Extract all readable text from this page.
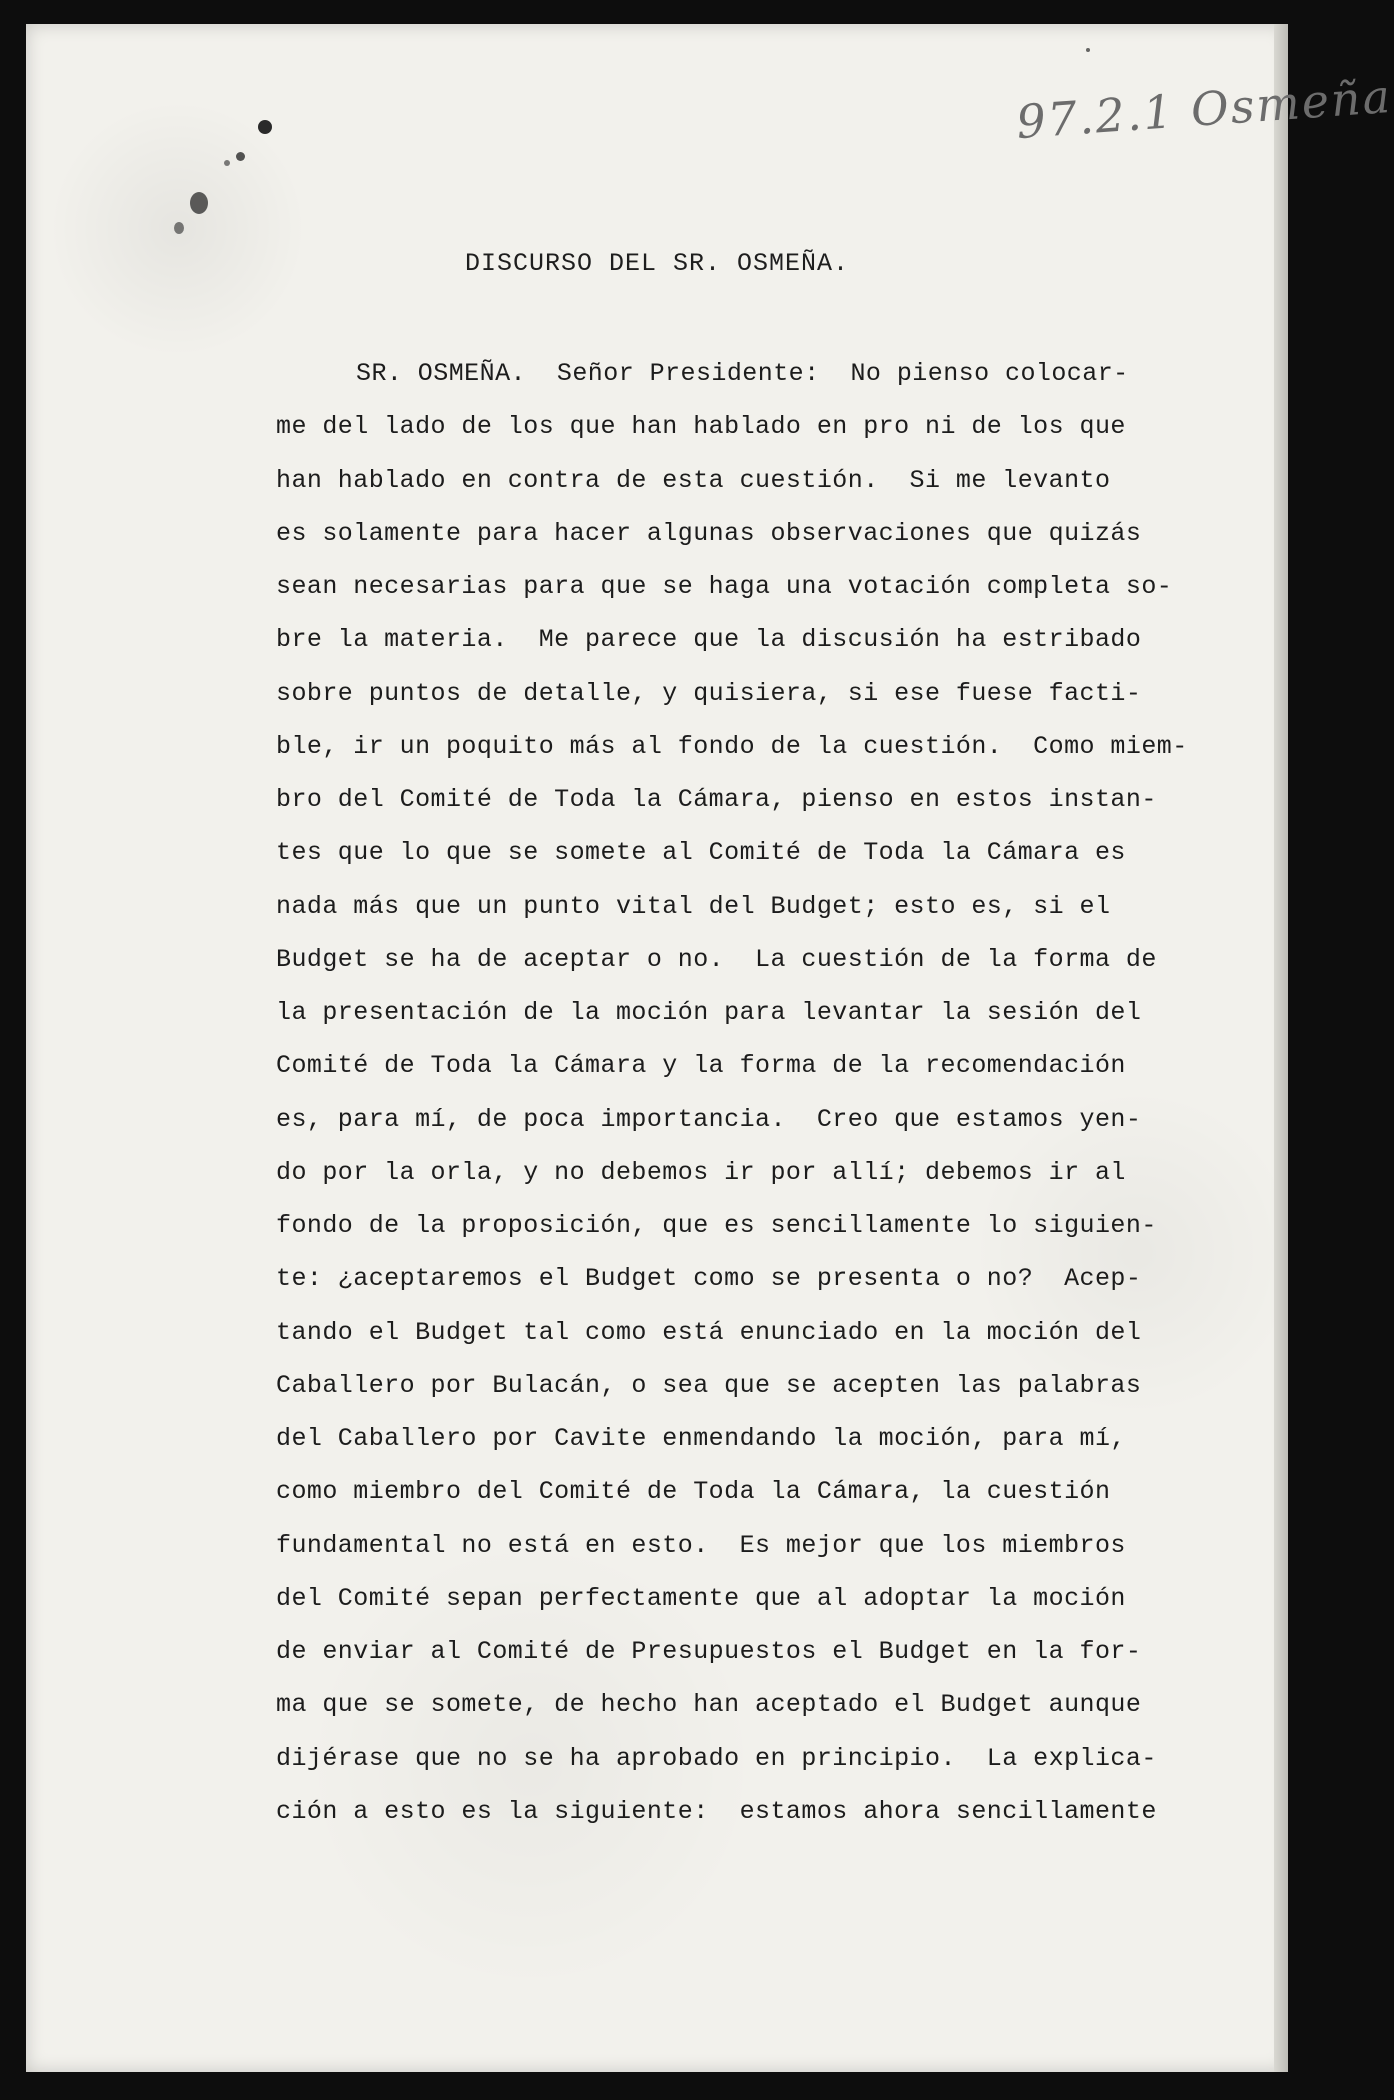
97.2.1 Osmeña
DISCURSO DEL SR. OSMEÑA.
SR. OSMEÑA.  Señor Presidente:  No pienso colocar-
me del lado de los que han hablado en pro ni de los que
han hablado en contra de esta cuestión.  Si me levanto
es solamente para hacer algunas observaciones que quizás
sean necesarias para que se haga una votación completa so-
bre la materia.  Me parece que la discusión ha estribado
sobre puntos de detalle, y quisiera, si ese fuese facti-
ble, ir un poquito más al fondo de la cuestión.  Como miem-
bro del Comité de Toda la Cámara, pienso en estos instan-
tes que lo que se somete al Comité de Toda la Cámara es
nada más que un punto vital del Budget; esto es, si el
Budget se ha de aceptar o no.  La cuestión de la forma de
la presentación de la moción para levantar la sesión del
Comité de Toda la Cámara y la forma de la recomendación
es, para mí, de poca importancia.  Creo que estamos yen-
do por la orla, y no debemos ir por allí; debemos ir al
fondo de la proposición, que es sencillamente lo siguien-
te: ¿aceptaremos el Budget como se presenta o no?  Acep-
tando el Budget tal como está enunciado en la moción del
Caballero por Bulacán, o sea que se acepten las palabras
del Caballero por Cavite enmendando la moción, para mí,
como miembro del Comité de Toda la Cámara, la cuestión
fundamental no está en esto.  Es mejor que los miembros
del Comité sepan perfectamente que al adoptar la moción
de enviar al Comité de Presupuestos el Budget en la for-
ma que se somete, de hecho han aceptado el Budget aunque
dijérase que no se ha aprobado en principio.  La explica-
ción a esto es la siguiente:  estamos ahora sencillamente
